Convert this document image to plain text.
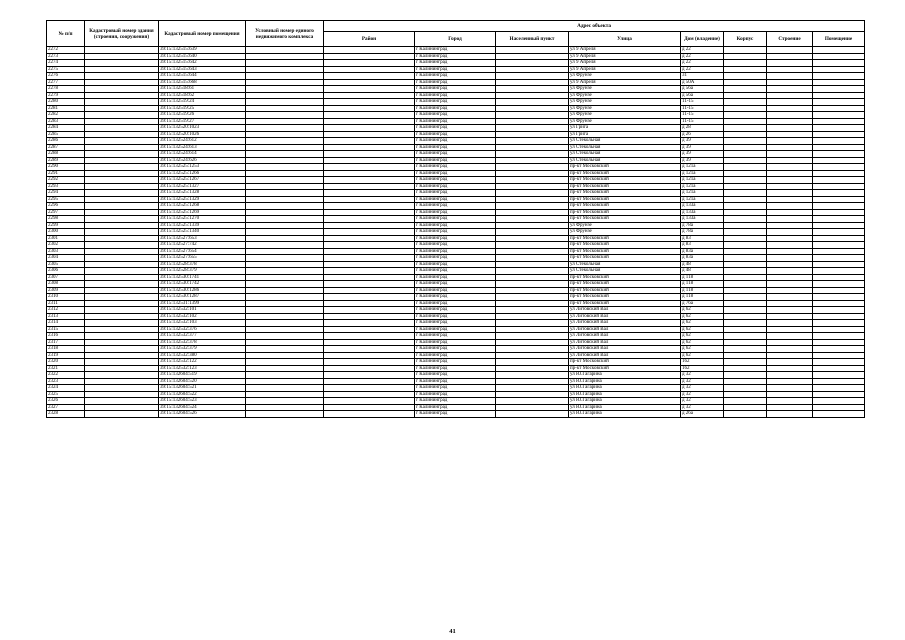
№ п/п	Кадастровый номер здания (строения, сооружения)	Кадастровый номер помещения	Условный номер единого недвижимого комплекса	Адрес объекта							
				Район	Город	Населенный пункт	Улица	Дом (владение)	Корпус	Строение	Помещение
2272		39:15:132515:639			г Калининград		ул 9 Апреля	д 22			
2273		39:15:132515:640			г Калининград		ул 9 Апреля	д 22			
2274		39:15:132515:642			г Калининград		ул 9 Апреля	д 22			
2275		39:15:132515:643			г Калининград		ул 9 Апреля	д 22			
2276		39:15:132515:644			г Калининград		ул Фрунзе	31			
2277		39:15:132515:668			г Калининград		ул 9 Апреля	д 50А			
2278		39:15:132518:61			г Калининград		ул Фрунзе	д 56а			
2279		39:15:132518:62			г Калининград		ул Фрунзе	д 56а			
2280		39:15:132519:24			г Калининград		ул Фрунзе	11-15			
2281		39:15:132519:25			г Калининград		ул Фрунзе	11-15			
2282		39:15:132519:26			г Калининград		ул Фрунзе	11-15			
2283		39:15:132519:27			г Калининград		ул Фрунзе	11-15			
2284		39:15:132520:1023			г Калининград		ул Грига	д 28			
2285		39:15:132520:1026			г Калининград		ул Грига	д 26			
2286		39:15:132524:612			г Калининград		ул Стекольная	д 39			
2287		39:15:132524:613			г Калининград		ул Стекольная	д 39			
2288		39:15:132524:614			г Калининград		ул Стекольная	д 39			
2289		39:15:132524:626			г Калининград		ул Стекольная	д 39			
2290		39:15:132525:1253			г Калининград		пр-кт Московский	д 121а			
2291		39:15:132525:1266			г Калининград		пр-кт Московский	д 121а			
2292		39:15:132525:1267			г Калининград		пр-кт Московский	д 121а			
2293		39:15:132525:1327			г Калининград		пр-кт Московский	д 121а			
2294		39:15:132525:1328			г Калининград		пр-кт Московский	д 121а			
2295		39:15:132525:1329			г Калининград		пр-кт Московский	д 121а			
2296		39:15:132525:1268			г Калининград		пр-кт Московский	д 133а			
2297		39:15:132525:1269			г Калининград		пр-кт Московский	д 133а			
2298		39:15:132525:1270			г Калининград		пр-кт Московский	д 133а			
2299		39:15:132525:1339			г Калининград		ул Фрунзе	д 78а			
2300		39:15:132525:1340			г Калининград		ул Фрунзе	д 78а			
2301		39:15:132527:653			г Калининград		пр-кт Московский	д 83			
2302		39:15:132527:742			г Калининград		пр-кт Московский	д 83			
2303		39:15:132527:654			г Калининград		пр-кт Московский	д 83а			
2304		39:15:132527:655			г Калининград		пр-кт Московский	д 83а			
2305		39:15:132528:378			г Калининград		ул Стекольная	д 48			
2306		39:15:132528:379			г Калининград		ул Стекольная	д 48			
2307		39:15:132530:1741			г Калининград		пр-кт Московский	д 118			
2308		39:15:132530:1742			г Калининград		пр-кт Московский	д 118			
2309		39:15:132530:1286			г Калининград		пр-кт Московский	д 118			
2310		39:15:132530:1287			г Калининград		пр-кт Московский	д 118			
2311		39:15:132531:1399			г Калининград		пр-кт Московский	д 76а			
2312		39:15:132532:101			г Калининград		ул Литовский Вал	д 62			
2313		39:15:132532:102			г Калининград		ул Литовский Вал	д 62			
2314		39:15:132532:103			г Калининград		ул Литовский Вал	д 62			
2315		39:15:132532:376			г Калининград		ул Литовский Вал	д 62			
2316		39:15:132532:377			г Калининград		ул Литовский Вал	д 62			
2317		39:15:132532:378			г Калининград		ул Литовский Вал	д 62			
2318		39:15:132532:379			г Калининград		ул Литовский Вал	д 62			
2319		39:15:132532:380			г Калининград		ул Литовский Вал	д 62			
2320		39:15:132532:122			г Калининград		пр-кт Московский	162			
2321		39:15:132532:123			г Калининград		пр-кт Московский	162			
2322		39:15:132604:519			г Калининград		ул Ю.Гагарина	д 32			
2323		39:15:132604:520			г Калининград		ул Ю.Гагарина	д 32			
2324		39:15:132604:521			г Калининград		ул Ю.Гагарина	д 32			
2325		39:15:132604:522			г Калининград		ул Ю.Гагарина	д 32			
2326		39:15:132604:523			г Калининград		ул Ю.Гагарина	д 32			
2327		39:15:132604:524			г Калининград		ул Ю.Гагарина	д 32			
2328		39:15:132604:526			г Калининград		ул Ю.Гагарина	д 26а			
41
